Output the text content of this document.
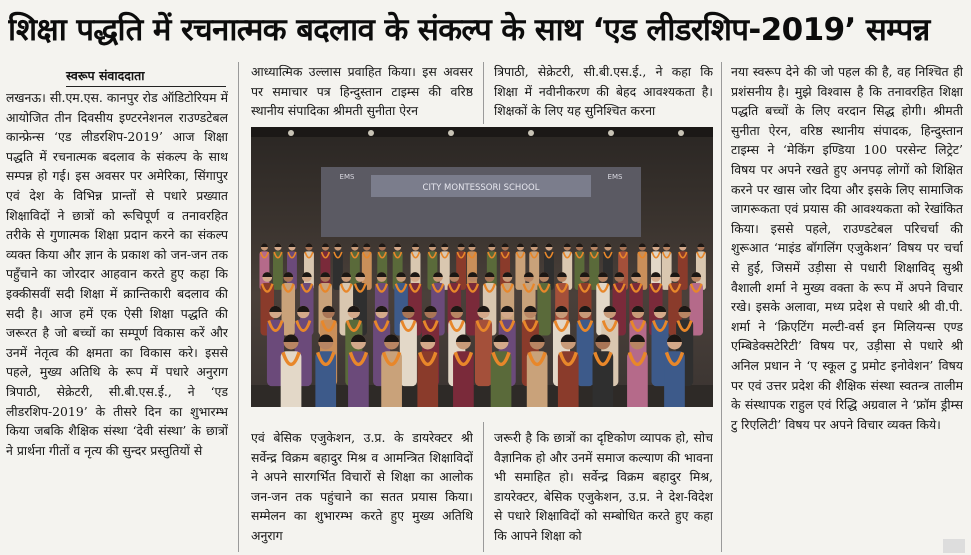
शिक्षा पद्धति में रचनात्मक बदलाव के संकल्प के साथ ‘एड लीडरशिप-2019’ सम्पन्न
स्वरूप संवाददाता

लखनऊ। सी.एम.एस. कानपुर रोड ऑडिटोरियम में आयोजित तीन दिवसीय इण्टरनेशनल राउण्डटेबल कान्फ्रेन्स ‘एड लीडरशिप-2019’ आज शिक्षा पद्धति में रचनात्मक बदलाव के संकल्प के साथ सम्पन्न हो गई। इस अवसर पर अमेरिका, सिंगापुर एवं देश के विभिन्न प्रान्तों से पधारे प्रख्यात शिक्षाविदों ने छात्रों को रूचिपूर्ण व तनावरहित तरीके से गुणात्मक शिक्षा प्रदान करने का संकल्प व्यक्त किया और ज्ञान के प्रकाश को जन-जन तक पहुँचाने का जोरदार आहवान करते हुए कहा कि इक्कीसवीं सदी शिक्षा में क्रान्तिकारी बदलाव की सदी है। आज हमें एक ऐसी शिक्षा पद्धति की जरूरत है जो बच्चों का सम्पूर्ण विकास करें और उनमें नेतृत्व की क्षमता का विकास करे। इससे पहले, मुख्य अतिथि के रूप में पधारे अनुराग त्रिपाठी, सेक्रेटरी, सी.बी.एस.ई., ने ‘एड लीडरशिप-2019’ के तीसरे दिन का शुभारम्भ किया जबकि शैक्षिक संस्था ‘देवी संस्था’ के छात्रों ने प्रार्थना गीतों व नृत्य की सुन्दर प्रस्तुतियों से

आध्यात्मिक उल्लास प्रवाहित किया। इस अवसर पर समाचार पत्र हिन्दुस्तान टाइम्स की वरिष्ठ स्थानीय संपादिका श्रीमती सुनीता ऐरन

त्रिपाठी, सेक्रेटरी, सी.बी.एस.ई., ने कहा कि शिक्षा में नवीनीकरण की बेहद आवश्यकता है। शिक्षकों के लिए यह सुनिश्चित करना

CITY MONTESSORI SCHOOL
EMS	EMS

एवं बेसिक एजुकेशन, उ.प्र. के डायरेक्टर श्री सर्वेन्द्र विक्रम बहादुर मिश्र व आमन्त्रित शिक्षाविदों ने अपने सारगर्भित विचारों से शिक्षा का आलोक जन-जन तक पहुंचाने का सतत प्रयास किया। सम्मेलन का शुभारम्भ करते हुए मुख्य अतिथि अनुराग

जरूरी है कि छात्रों का दृष्टिकोण व्यापक हो, सोच वैज्ञानिक हो और उनमें समाज कल्याण की भावना भी समाहित हो। सर्वेन्द्र विक्रम बहादुर मिश्र, डायरेक्टर, बेसिक एजुकेशन, उ.प्र. ने देश-विदेश से पधारे शिक्षाविदों को सम्बोधित करते हुए कहा कि आपने शिक्षा को

नया स्वरूप देने की जो पहल की है, वह निश्चित ही प्रशंसनीय है। मुझे विश्वास है कि तनावरहित शिक्षा पद्धति बच्चों के लिए वरदान सिद्ध होगी। श्रीमती सुनीता ऐरन, वरिष्ठ स्थानीय संपादक, हिन्दुस्तान टाइम्स ने ‘मेकिंग इण्डिया 100 परसेन्ट लिट्रेट’ विषय पर अपने रखते हुए अनपढ़ लोगों को शिक्षित करने पर खास जोर दिया और इसके लिए सामाजिक जागरूकता एवं प्रयास की आवश्यकता को रेखांकित किया। इससे पहले, राउण्डटेबल परिचर्चा की शुरूआत ‘माइंड बॉगलिंग एजुकेशन’ विषय पर चर्चा से हुई, जिसमें उड़ीसा से पधारी शिक्षाविद् सुश्री वैशाली शर्मा ने मुख्य वक्ता के रूप में अपने विचार रखे। इसके अलावा, मध्य प्रदेश से पधारे श्री वी.पी. शर्मा ने ‘क्रिएटिंग मल्टी-वर्स इन मिलियन्स एण्ड एम्बिडेक्सटेरिटी’ विषय पर, उड़ीसा से पधारे श्री अनिल प्रधान ने ‘ए स्कूल टु प्रमोट इनोवेशन’ विषय पर एवं उत्तर प्रदेश की शैक्षिक संस्था स्वतन्त्र तालीम के संस्थापक राहुल एवं रिद्धि अग्रवाल ने ‘फ्रॉम ड्रीम्स टु रिएलिटी’ विषय पर अपने विचार व्यक्त किये।
